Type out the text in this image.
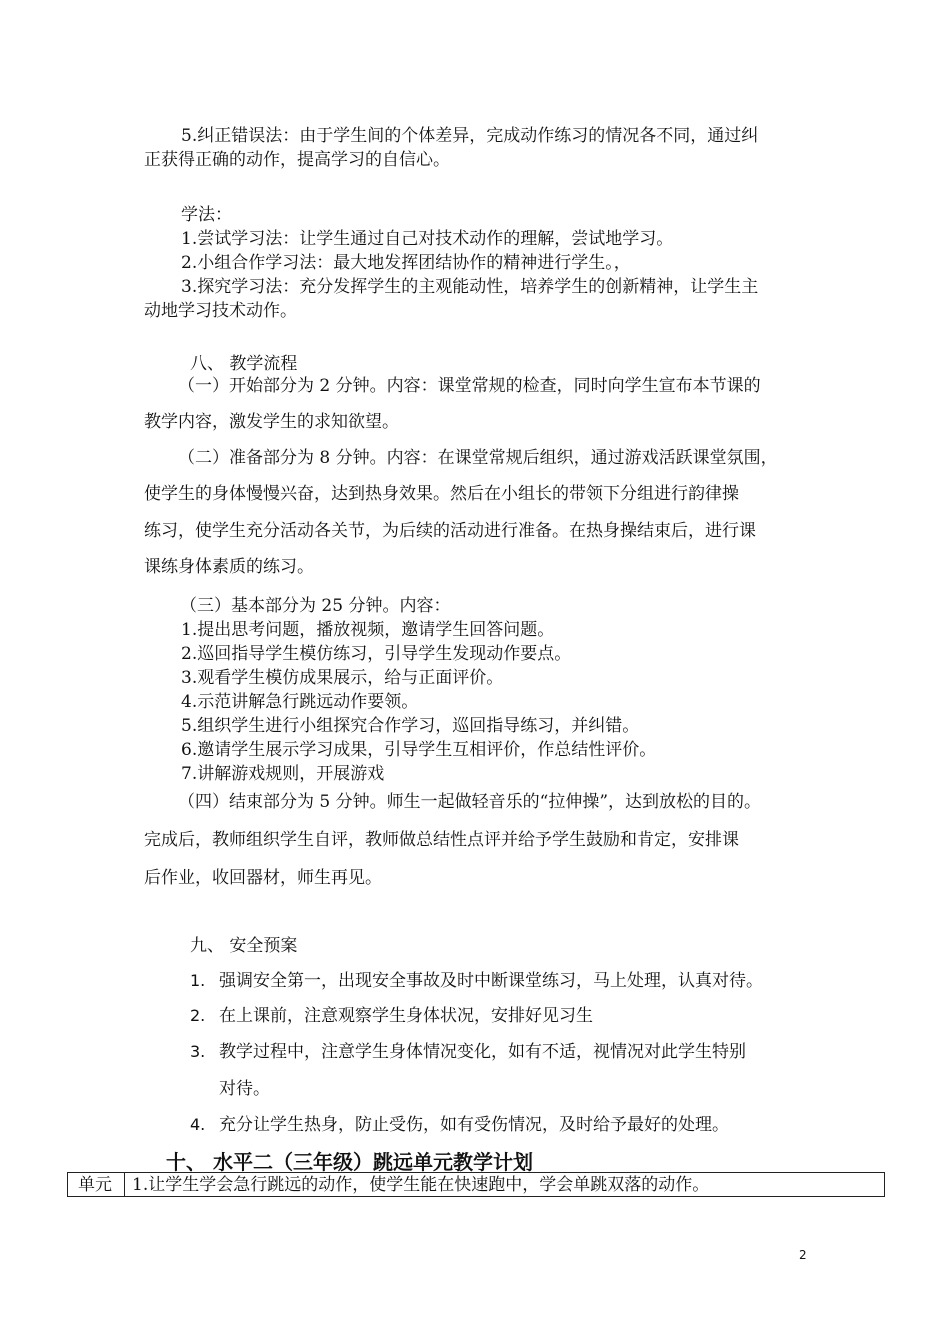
5.纠正错误法：由于学生间的个体差异，完成动作练习的情况各不同，通过纠
正获得正确的动作，提高学习的自信心。
学法：
1.尝试学习法：让学生通过自己对技术动作的理解，尝试地学习。
2.小组合作学习法：最大地发挥团结协作的精神进行学生。，
3.探究学习法：充分发挥学生的主观能动性，培养学生的创新精神，让学生主
动地学习技术动作。
八、 教学流程
（一）开始部分为 2 分钟。内容：课堂常规的检查，同时向学生宣布本节课的
教学内容，激发学生的求知欲望。
（二）准备部分为 8 分钟。内容：在课堂常规后组织，通过游戏活跃课堂氛围，
使学生的身体慢慢兴奋，达到热身效果。然后在小组长的带领下分组进行韵律操
练习，使学生充分活动各关节，为后续的活动进行准备。在热身操结束后，进行课
课练身体素质的练习。
（三）基本部分为 25 分钟。内容：
1.提出思考问题，播放视频，邀请学生回答问题。
2.巡回指导学生模仿练习，引导学生发现动作要点。
3.观看学生模仿成果展示，给与正面评价。
4.示范讲解急行跳远动作要领。
5.组织学生进行小组探究合作学习，巡回指导练习，并纠错。
6.邀请学生展示学习成果，引导学生互相评价，作总结性评价。
7.讲解游戏规则，开展游戏
（四）结束部分为 5 分钟。师生一起做轻音乐的“拉伸操”，达到放松的目的。
完成后，教师组织学生自评，教师做总结性点评并给予学生鼓励和肯定，安排课
后作业，收回器材，师生再见。
九、 安全预案
1. 强调安全第一，出现安全事故及时中断课堂练习，马上处理，认真对待。
2. 在上课前，注意观察学生身体状况，安排好见习生
3. 教学过程中，注意学生身体情况变化，如有不适，视情况对此学生特别
对待。
4. 充分让学生热身，防止受伤，如有受伤情况，及时给予最好的处理。
十、 水平二（三年级）跳远单元教学计划
单元 1.让学生学会急行跳远的动作，使学生能在快速跑中，学会单跳双落的动作。
2
